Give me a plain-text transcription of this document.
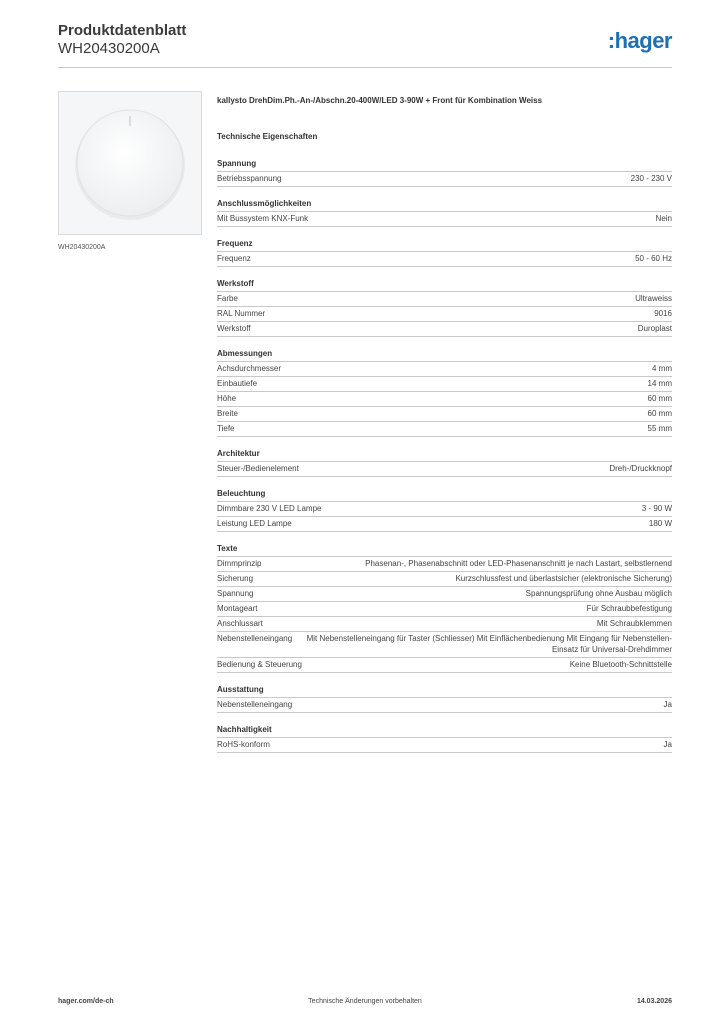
Produktdatenblatt
WH20430200A	:hager
WH20430200A
kallysto DrehDim.Ph.-An-/Abschn.20-400W/LED 3-90W + Front für Kombination Weiss
Technische Eigenschaften
Spannung
Betriebsspannung	230 - 230 V
Anschlussmöglichkeiten
Mit Bussystem KNX-Funk	Nein
Frequenz
Frequenz	50 - 60 Hz
Werkstoff
Farbe	Ultraweiss
RAL Nummer	9016
Werkstoff	Duroplast
Abmessungen
Achsdurchmesser	4 mm
Einbautiefe	14 mm
Höhe	60 mm
Breite	60 mm
Tiefe	55 mm
Architektur
Steuer-/Bedienelement	Dreh-/Druckknopf
Beleuchtung
Dimmbare 230 V LED Lampe	3 - 90 W
Leistung LED Lampe	180 W
Texte
Dimmprinzip	Phasenan-, Phasenabschnitt oder LED-Phasenanschnitt je nach Lastart, selbstlernend
Sicherung	Kurzschlussfest und überlastsicher (elektronische Sicherung)
Spannung	Spannungsprüfung ohne Ausbau möglich
Montageart	Für Schraubbefestigung
Anschlussart	Mit Schraubklemmen
Nebenstelleneingang	Mit Nebenstelleneingang für Taster (Schliesser) Mit Einflächenbedienung Mit Eingang für Nebenstellen-Einsatz für Universal-Drehdimmer
Bedienung & Steuerung	Keine Bluetooth-Schnittstelle
Ausstattung
Nebenstelleneingang	Ja
Nachhaltigkeit
RoHS-konform	Ja
hager.com/de-ch	Technische Änderungen vorbehalten	14.03.2026
